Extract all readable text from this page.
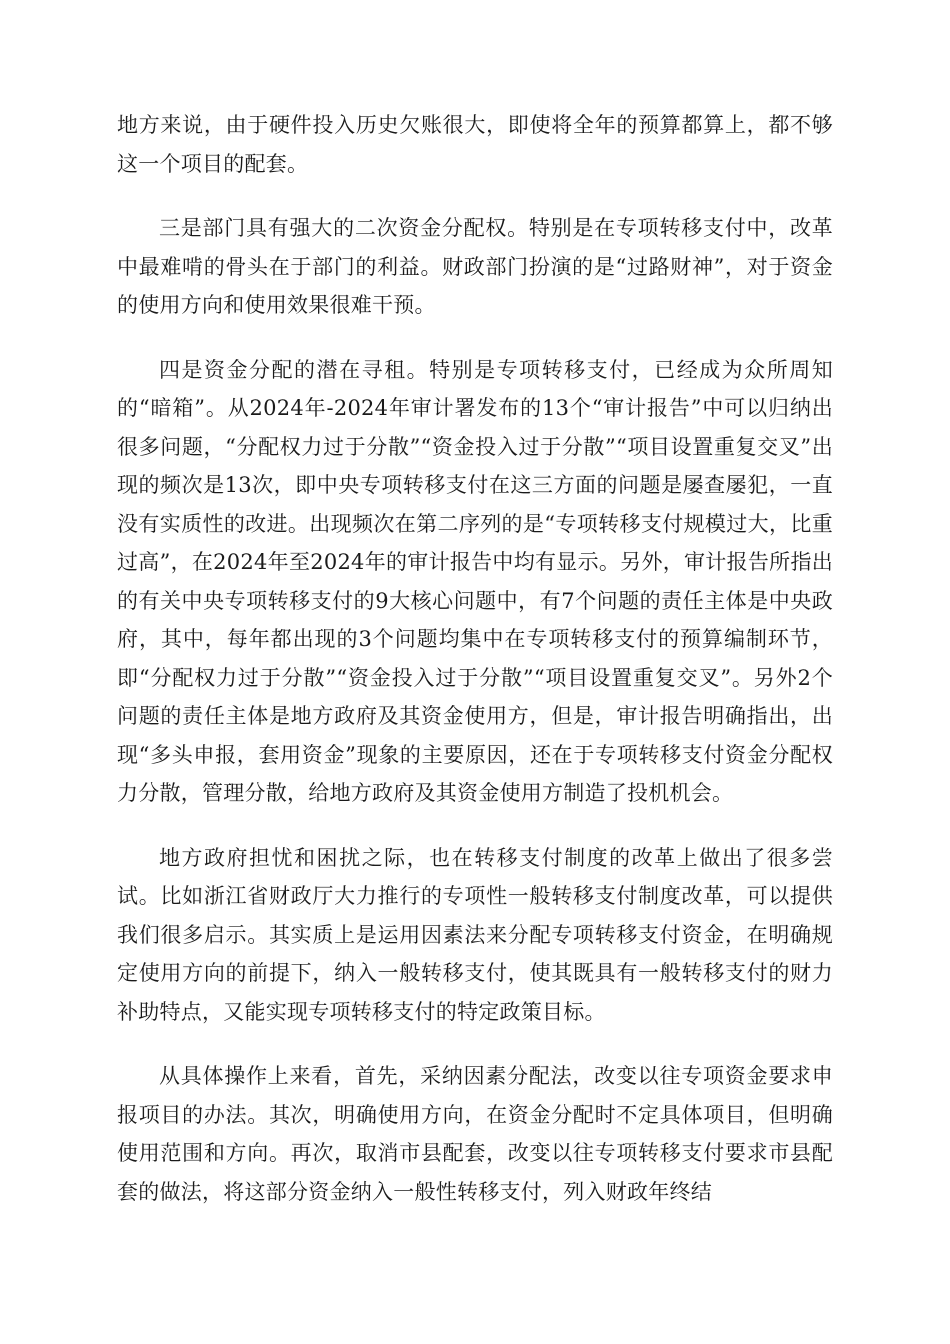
地方来说，由于硬件投入历史欠账很大，即使将全年的预算都算上，都不够这一个项目的配套。

三是部门具有强大的二次资金分配权。特别是在专项转移支付中，改革中最难啃的骨头在于部门的利益。财政部门扮演的是“过路财神”，对于资金的使用方向和使用效果很难干预。

四是资金分配的潜在寻租。特别是专项转移支付，已经成为众所周知的“暗箱”。从2024年-2024年审计署发布的13个“审计报告”中可以归纳出很多问题，“分配权力过于分散”“资金投入过于分散”“项目设置重复交叉”出现的频次是13次，即中央专项转移支付在这三方面的问题是屡查屡犯，一直没有实质性的改进。出现频次在第二序列的是“专项转移支付规模过大，比重过高”，在2024年至2024年的审计报告中均有显示。另外，审计报告所指出的有关中央专项转移支付的9大核心问题中，有7个问题的责任主体是中央政府，其中，每年都出现的3个问题均集中在专项转移支付的预算编制环节，即“分配权力过于分散”“资金投入过于分散”“项目设置重复交叉”。另外2个问题的责任主体是地方政府及其资金使用方，但是，审计报告明确指出，出现“多头申报，套用资金”现象的主要原因，还在于专项转移支付资金分配权力分散，管理分散，给地方政府及其资金使用方制造了投机机会。

地方政府担忧和困扰之际，也在转移支付制度的改革上做出了很多尝试。比如浙江省财政厅大力推行的专项性一般转移支付制度改革，可以提供我们很多启示。其实质上是运用因素法来分配专项转移支付资金，在明确规定使用方向的前提下，纳入一般转移支付，使其既具有一般转移支付的财力补助特点，又能实现专项转移支付的特定政策目标。

从具体操作上来看，首先，采纳因素分配法，改变以往专项资金要求申报项目的办法。其次，明确使用方向，在资金分配时不定具体项目，但明确使用范围和方向。再次，取消市县配套，改变以往专项转移支付要求市县配套的做法，将这部分资金纳入一般性转移支付，列入财政年终结
